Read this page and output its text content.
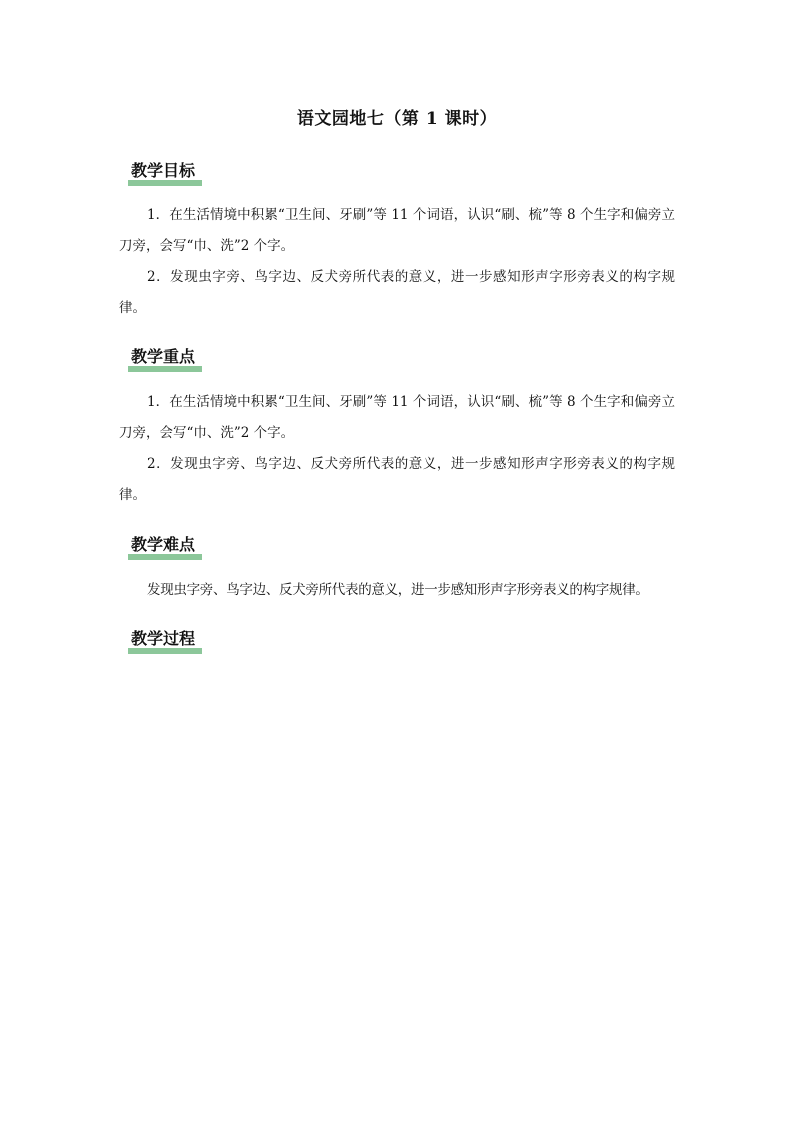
语文园地七（第 1 课时）
教学目标

1．在生活情境中积累“卫生间、牙刷”等 11 个词语，认识“刷、梳”等 8 个生字和偏旁立刀旁，会写“巾、洗”2 个字。

2．发现虫字旁、鸟字边、反犬旁所代表的意义，进一步感知形声字形旁表义的构字规律。

教学重点

1．在生活情境中积累“卫生间、牙刷”等 11 个词语，认识“刷、梳”等 8 个生字和偏旁立刀旁，会写“巾、洗”2 个字。

2．发现虫字旁、鸟字边、反犬旁所代表的意义，进一步感知形声字形旁表义的构字规律。

教学难点

发现虫字旁、鸟字边、反犬旁所代表的意义，进一步感知形声字形旁表义的构字规律。

教学过程
